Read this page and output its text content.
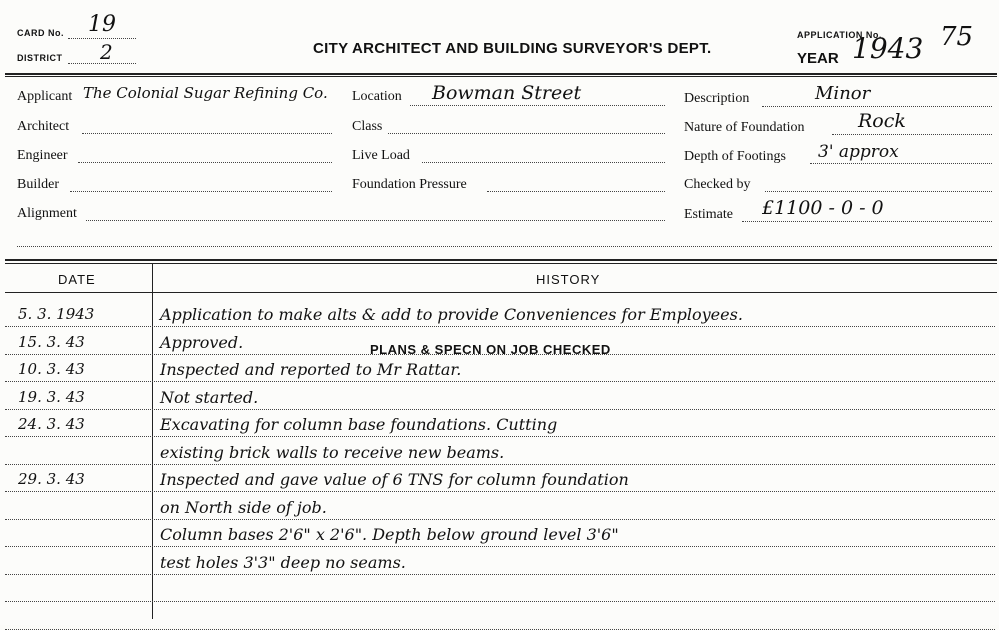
CARD No. 19
DISTRICT 2	CITY ARCHITECT AND BUILDING SURVEYOR'S DEPT.
APPLICATION No. 75
YEAR 1943
Applicant The Colonial Sugar Refining Co. Location Bowman Street	Description	Minor
Architect	Class	Nature of Foundation	Rock
Engineer	Live Load	Depth of Footings 3' approx
Builder	Foundation Pressure	Checked by
Alignment	Estimate £1100 - 0 - 0
DATE	HISTORY
5. 3. 1943	Application to make alts & add to provide Conveniences for Employees.
15. 3. 43	Approved.
10. 3. 43	Inspected and reported to Mr Rattar.
19. 3. 43	Not started.
24. 3. 43	Excavating for column base foundations. Cutting
existing brick walls to receive new beams.
29. 3. 43	Inspected and gave value of 6 TNS for column foundation
on North side of job.
Column bases 2'6" x 2'6". Depth below ground level 3'6"
test holes 3'3" deep no seams.
PLANS & SPECN ON JOB CHECKED
